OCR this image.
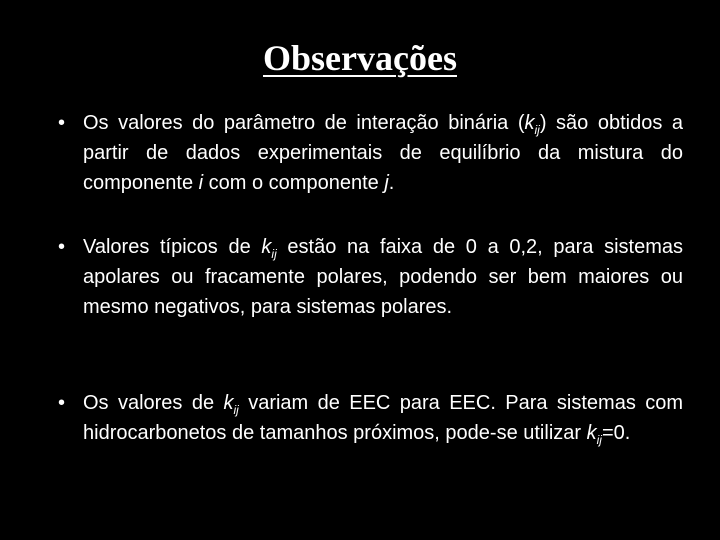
Observações
• Os valores do parâmetro de interação binária $(k_{ij})$ são obtidos a partir de dados experimentais de equilíbrio da mistura do componente i com o componente j.
• Valores típicos de $k_{ij}$ estão na faixa de 0 a 0,2, para sistemas apolares ou fracamente polares, podendo ser bem maiores ou mesmo negativos, para sistemas polares.
• Os valores de $k_{ij}$ variam de EEC para EEC. Para sistemas com hidrocarbonetos de tamanhos próximos, pode-se utilizar $k_{ij}=0$.
